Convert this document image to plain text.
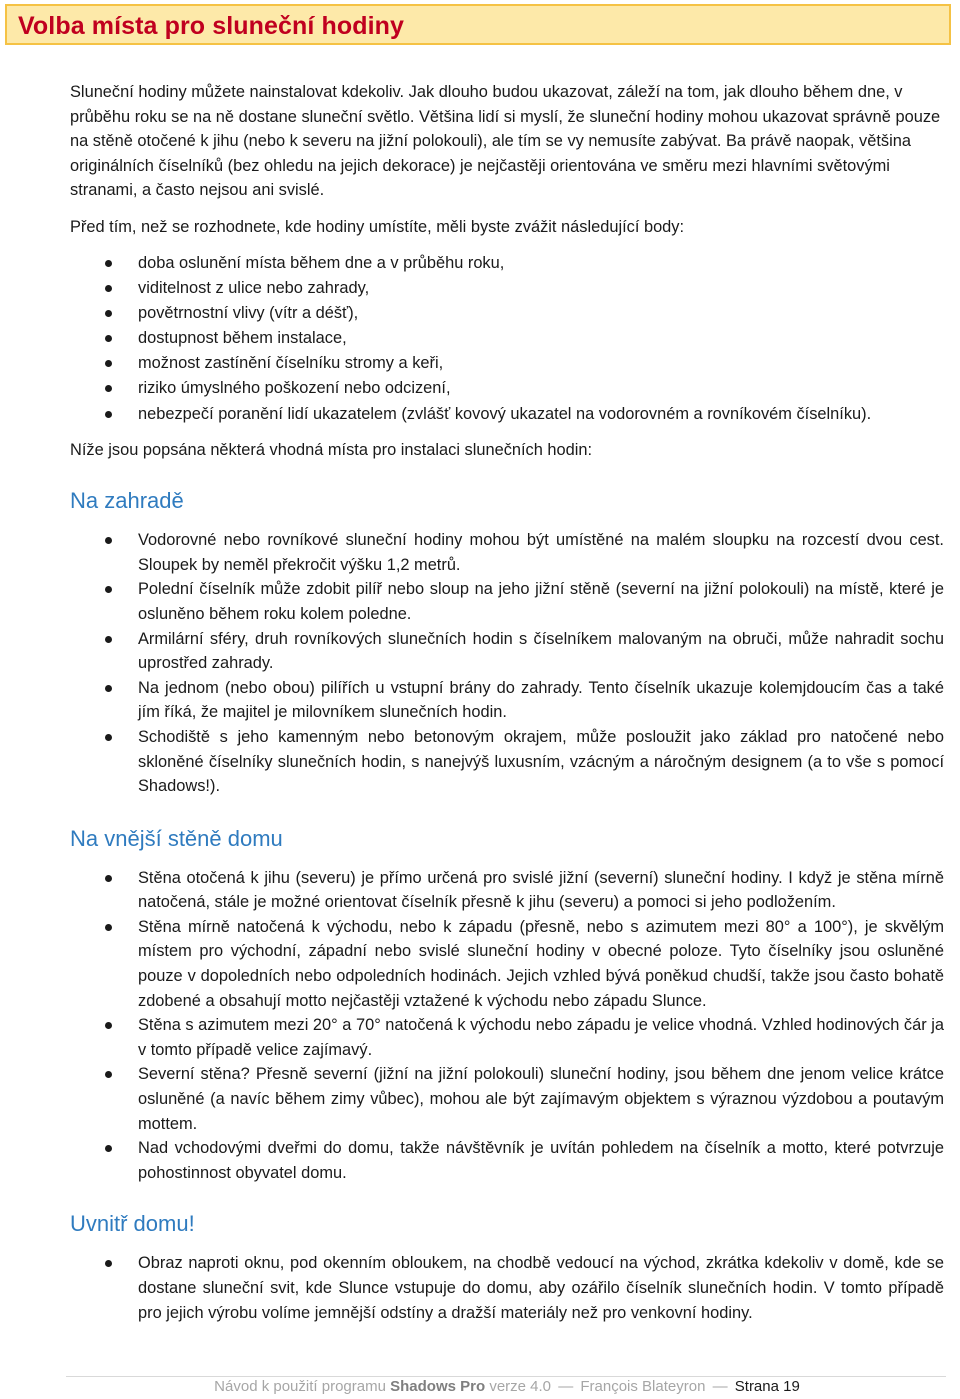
Volba místa pro sluneční hodiny

Sluneční hodiny můžete nainstalovat kdekoliv. Jak dlouho budou ukazovat, záleží na tom, jak dlouho během dne, v průběhu roku se na ně dostane sluneční světlo. Většina lidí si myslí, že sluneční hodiny mohou ukazovat správně pouze na stěně otočené k jihu (nebo k severu na jižní polokouli), ale tím se vy nemusíte zabývat. Ba právě naopak, většina originálních číselníků (bez ohledu na jejich dekorace) je nejčastěji orientována ve směru mezi hlavními světovými stranami, a často nejsou ani svislé.

Před tím, než se rozhodnete, kde hodiny umístíte, měli byste zvážit následující body:

doba oslunění místa během dne a v průběhu roku,
viditelnost z ulice nebo zahrady,
povětrnostní vlivy (vítr a déšť),
dostupnost během instalace,
možnost zastínění číselníku stromy a keři,
riziko úmyslného poškození nebo odcizení,
nebezpečí poranění lidí ukazatelem (zvlášť kovový ukazatel na vodorovném a rovníkovém číselníku).

Níže jsou popsána některá vhodná místa pro instalaci slunečních hodin:

Na zahradě
Vodorovné nebo rovníkové sluneční hodiny mohou být umístěné na malém sloupku na rozcestí dvou cest. Sloupek by neměl překročit výšku 1,2 metrů.
Polední číselník může zdobit pilíř nebo sloup na jeho jižní stěně (severní na jižní polokouli) na místě, které je osluněno během roku kolem poledne.
Armilární sféry, druh rovníkových slunečních hodin s číselníkem malovaným na obruči, může nahradit sochu uprostřed zahrady.
Na jednom (nebo obou) pilířích u vstupní brány do zahrady. Tento číselník ukazuje kolemjdoucím čas a také jím říká, že majitel je milovníkem slunečních hodin.
Schodiště s jeho kamenným nebo betonovým okrajem, může posloužit jako základ pro natočené nebo skloněné číselníky slunečních hodin, s nanejvýš luxusním, vzácným a náročným designem (a to vše s pomocí Shadows!).
Na vnější stěně domu
Stěna otočená k jihu (severu) je přímo určená pro svislé jižní (severní) sluneční hodiny. I když je stěna mírně natočená, stále je možné orientovat číselník přesně k jihu (severu) a pomoci si jeho podložením.
Stěna mírně natočená k východu, nebo k západu (přesně, nebo s azimutem mezi 80° a 100°), je skvělým místem pro východní, západní nebo svislé sluneční hodiny v obecné poloze. Tyto číselníky jsou osluněné pouze v dopoledních nebo odpoledních hodinách. Jejich vzhled bývá poněkud chudší, takže jsou často bohatě zdobené a obsahují motto nejčastěji vztažené k východu nebo západu Slunce.
Stěna s azimutem mezi 20° a 70° natočená k východu nebo západu je velice vhodná. Vzhled hodinových čár ja v tomto případě velice zajímavý.
Severní stěna? Přesně severní (jižní na jižní polokouli) sluneční hodiny, jsou během dne jenom velice krátce osluněné (a navíc během zimy vůbec), mohou ale být zajímavým objektem s výraznou výzdobou a poutavým mottem.
Nad vchodovými dveřmi do domu, takže návštěvník je uvítán pohledem na číselník a motto, které potvrzuje pohostinnost obyvatel domu.
Uvnitř domu!
Obraz naproti oknu, pod okenním obloukem, na chodbě vedoucí na východ, zkrátka kdekoliv v domě, kde se dostane sluneční svit, kde Slunce vstupuje do domu, aby ozářilo číselník slunečních hodin. V tomto případě pro jejich výrobu volíme jemnější odstíny a dražší materiály než pro venkovní hodiny.
Návod k použití programu Shadows Pro verze 4.0 — François Blateyron — Strana 19
